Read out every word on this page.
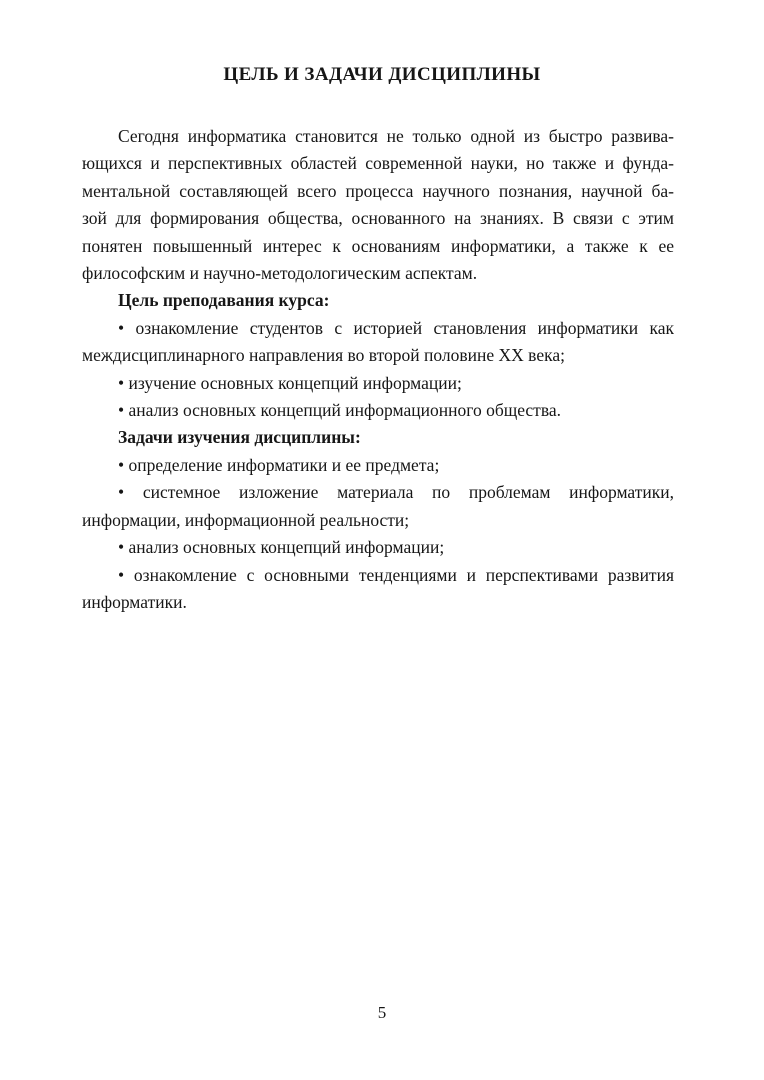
ЦЕЛЬ И ЗАДАЧИ ДИСЦИПЛИНЫ

Сегодня информатика становится не только одной из быстро развива-

ющихся и перспективных областей современной науки, но также и фунда-

ментальной составляющей всего процесса научного познания, научной ба-

зой для формирования общества, основанного на знаниях. В связи с этим

понятен повышенный интерес к основаниям информатики, а также к ее

философским и научно-методологическим аспектам.

Цель преподавания курса:

• ознакомление студентов с историей становления информатики как

междисциплинарного направления во второй половине XX века;

• изучение основных концепций информации;

• анализ основных концепций информационного общества.

Задачи изучения дисциплины:

• определение информатики и ее предмета;

• системное изложение материала по проблемам информатики,

информации, информационной реальности;

• анализ основных концепций информации;

• ознакомление с основными тенденциями и перспективами развития

информатики.

5
